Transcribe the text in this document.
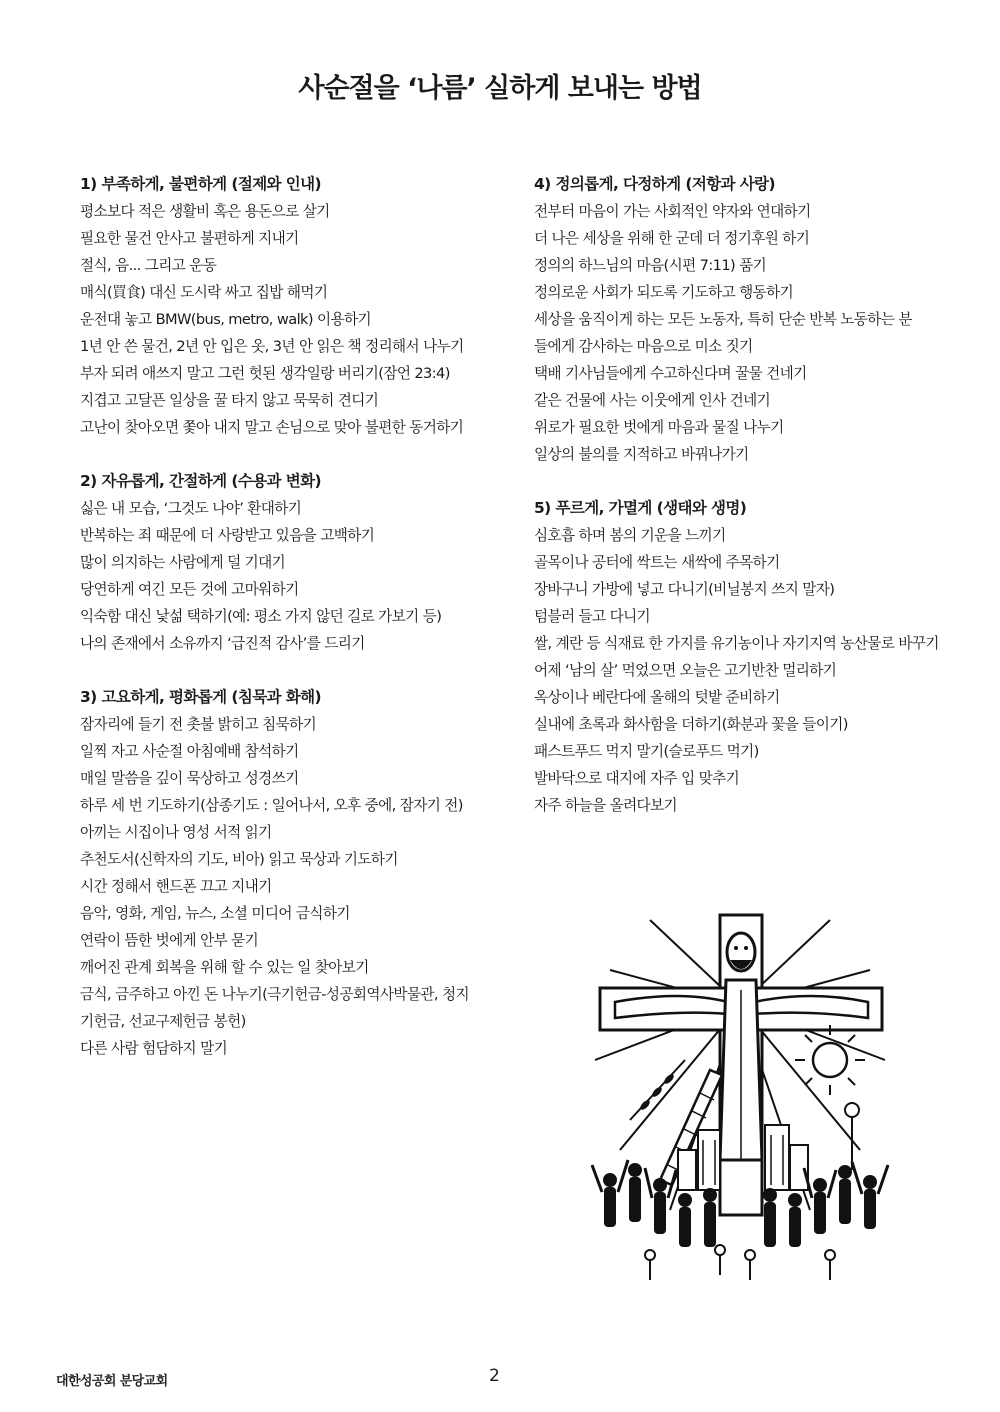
사순절을 ‘나름’ 실하게 보내는 방법
1) 부족하게, 불편하게 (절제와 인내)
평소보다 적은 생활비 혹은 용돈으로 살기
필요한 물건 안사고 불편하게 지내기
절식, 음... 그리고 운동
매식(買食) 대신 도시락 싸고 집밥 해먹기
운전대 놓고 BMW(bus, metro, walk) 이용하기
1년 안 쓴 물건, 2년 안 입은 옷, 3년 안 읽은 책 정리해서 나누기
부자 되려 애쓰지 말고 그런 헛된 생각일랑 버리기(잠언 23:4)
지겹고 고달픈 일상을 꿀 타지 않고 묵묵히 견디기
고난이 찾아오면 쫓아 내지 말고 손님으로 맞아 불편한 동거하기
2) 자유롭게, 간절하게 (수용과 변화)
싫은 내 모습, ‘그것도 나야’ 환대하기
반복하는 죄 때문에 더 사랑받고 있음을 고백하기
많이 의지하는 사람에게 덜 기대기
당연하게 여긴 모든 것에 고마워하기
익숙함 대신 낯섦 택하기(예: 평소 가지 않던 길로 가보기 등)
나의 존재에서 소유까지 ‘급진적 감사’를 드리기
3) 고요하게, 평화롭게 (침묵과 화해)
잠자리에 들기 전 촛불 밝히고 침묵하기
일찍 자고 사순절 아침예배 참석하기
매일 말씀을 깊이 묵상하고 성경쓰기
하루 세 번 기도하기(삼종기도 : 일어나서, 오후 중에, 잠자기 전)
아끼는 시집이나 영성 서적 읽기
추천도서(신학자의 기도, 비아) 읽고 묵상과 기도하기
시간 정해서 핸드폰 끄고 지내기
음악, 영화, 게임, 뉴스, 소셜 미디어 금식하기
연락이 뜸한 벗에게 안부 묻기
깨어진 관계 회복을 위해 할 수 있는 일 찾아보기
금식, 금주하고 아낀 돈 나누기(극기헌금-성공회역사박물관, 청지
기헌금, 선교구제헌금 봉헌)
다른 사람 험담하지 말기
4) 정의롭게, 다정하게 (저항과 사랑)
전부터 마음이 가는 사회적인 약자와 연대하기
더 나은 세상을 위해 한 군데 더 정기후원 하기
정의의 하느님의 마음(시편 7:11) 품기
정의로운 사회가 되도록 기도하고 행동하기
세상을 움직이게 하는 모든 노동자, 특히 단순 반복 노동하는 분
들에게 감사하는 마음으로 미소 짓기
택배 기사님들에게 수고하신다며 꿀물 건네기
같은 건물에 사는 이웃에게 인사 건네기
위로가 필요한 벗에게 마음과 물질 나누기
일상의 불의를 지적하고 바꿔나가기
5) 푸르게, 가멸게 (생태와 생명)
심호흡 하며 봄의 기운을 느끼기
골목이나 공터에 싹트는 새싹에 주목하기
장바구니 가방에 넣고 다니기(비닐봉지 쓰지 말자)
텀블러 들고 다니기
쌀, 계란 등 식재료 한 가지를 유기농이나 자기지역 농산물로 바꾸기
어제 ‘남의 살’ 먹었으면 오늘은 고기반찬 멀리하기
옥상이나 베란다에 올해의 텃밭 준비하기
실내에 초록과 화사함을 더하기(화분과 꽃을 들이기)
패스트푸드 먹지 말기(슬로푸드 먹기)
발바닥으로 대지에 자주 입 맞추기
자주 하늘을 올려다보기
대한성공회 분당교회	2
